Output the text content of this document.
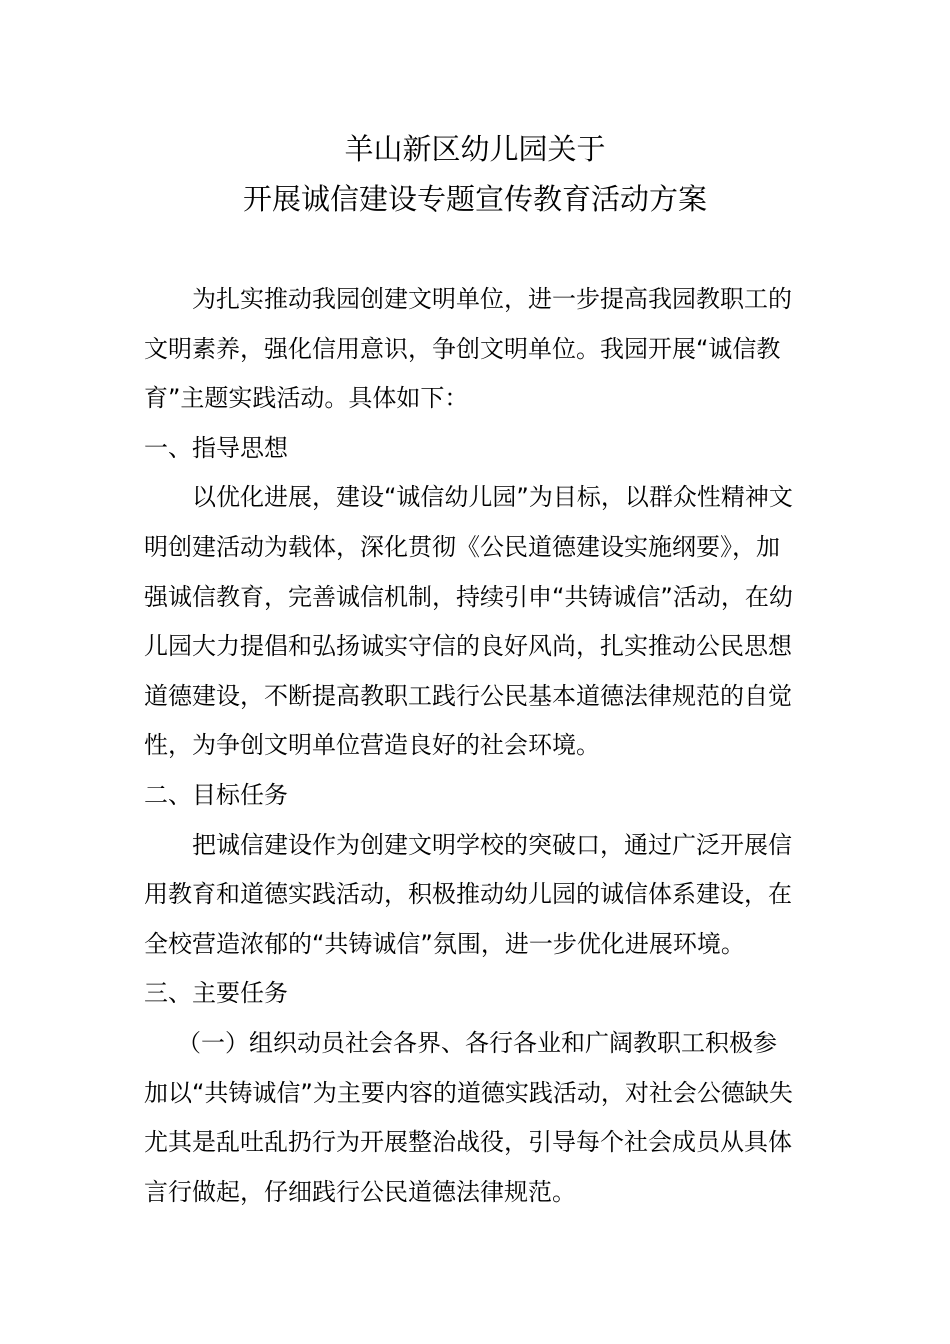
羊山新区幼儿园关于
开展诚信建设专题宣传教育活动方案

为扎实推动我园创建文明单位，进一步提高我园教职工的文明素养，强化信用意识，争创文明单位。我园开展“诚信教育”主题实践活动。具体如下：

一、指导思想

以优化进展，建设“诚信幼儿园”为目标，以群众性精神文明创建活动为载体，深化贯彻《公民道德建设实施纲要》，加强诚信教育，完善诚信机制，持续引申“共铸诚信”活动，在幼儿园大力提倡和弘扬诚实守信的良好风尚，扎实推动公民思想道德建设，不断提高教职工践行公民基本道德法律规范的自觉性，为争创文明单位营造良好的社会环境。

二、目标任务

把诚信建设作为创建文明学校的突破口，通过广泛开展信用教育和道德实践活动，积极推动幼儿园的诚信体系建设，在全校营造浓郁的“共铸诚信”氛围，进一步优化进展环境。

三、主要任务

（一）组织动员社会各界、各行各业和广阔教职工积极参加以“共铸诚信”为主要内容的道德实践活动，对社会公德缺失尤其是乱吐乱扔行为开展整治战役，引导每个社会成员从具体言行做起，仔细践行公民道德法律规范。
